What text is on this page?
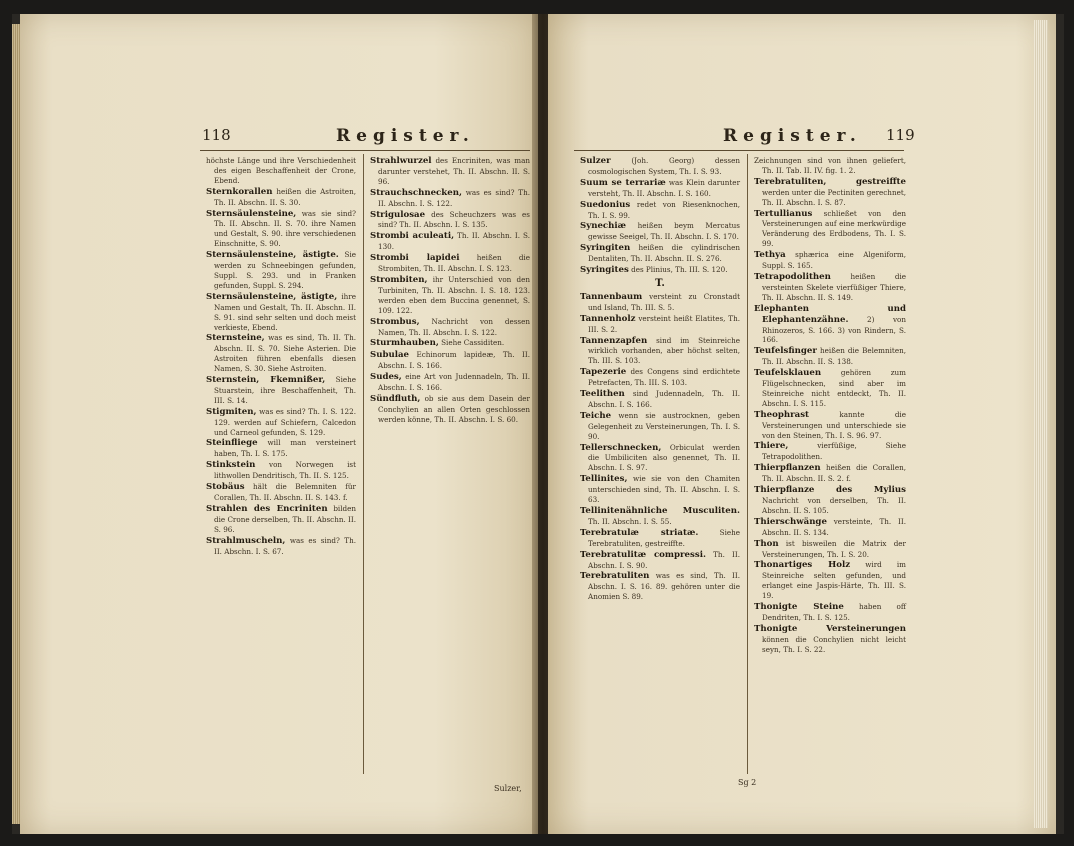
118	Register.

höchste Länge und ihre Verschiedenheit des eigen Beschaffenheit der Crone, Ebend.

Sternkorallen heißen die Astroiten, Th. II. Abschn. II. S. 30.

Sternsäulensteine, was sie sind? Th. II. Abschn. II. S. 70. ihre Namen und Gestalt, S. 90. ihre verschiedenen Einschnitte, S. 90.

Sternsäulensteine, ästigte. Sie werden zu Schneebingen gefunden, Suppl. S. 293. und in Franken gefunden, Suppl. S. 294.

Sternsäulensteine, ästigte, ihre Namen und Gestalt, Th. II. Abschn. II. S. 91. sind sehr selten und doch meist verkieste, Ebend.

Sternsteine, was es sind, Th. II. Th. Abschn. II. S. 70. Siehe Asterien. Die Astroiten führen ebenfalls diesen Namen, S. 30. Siehe Astroiten.

Sternstein, Fkemnißer, Siehe Stuarstein, ihre Beschaffenheit, Th. III. S. 14.

Stigmiten, was es sind? Th. I. S. 122. 129. werden auf Schiefern, Calcedon und Carneol gefunden, S. 129.

Steinfliege will man versteinert haben, Th. I. S. 175.

Stinkstein von Norwegen ist lithwollen Dendritisch, Th. II. S. 125.

Stobäus hält die Belemniten für Corallen, Th. II. Abschn. II. S. 143. f.

Strahlen des Encriniten bilden die Crone derselben, Th. II. Abschn. II. S. 96.

Strahlmuscheln, was es sind? Th. II. Abschn. I. S. 67.

Strahlwurzel des Encriniten, was man darunter verstehet, Th. II. Abschn. II. S. 96.

Strauchschnecken, was es sind? Th. II. Abschn. I. S. 122.

Strigulosae des Scheuchzers was es sind? Th. II. Abschn. I. S. 135.

Strombi aculeati, Th. II. Abschn. I. S. 130.

Strombi lapidei heißen die Strombiten, Th. II. Abschn. I. S. 123.

Strombiten, ihr Unterschied von den Turbiniten, Th. II. Abschn. I. S. 18. 123. werden eben dem Buccina genennet, S. 109. 122.

Strombus, Nachricht von dessen Namen, Th. II. Abschn. I. S. 122.

Sturmhauben, Siehe Cassiditen.

Subulae Echinorum lapideæ, Th. II. Abschn. I. S. 166.

Sudes, eine Art von Judennadeln, Th. II. Abschn. I. S. 166.

Sündfluth, ob sie aus dem Dasein der Conchylien an allen Orten geschlossen werden könne, Th. II. Abschn. I. S. 60.

Sulzer,
Register. 119

Sulzer	(Joh. Georg) dessen cosmologischen System, Th. I. S. 93.

Suum se terrariæ was Klein darunter versteht, Th. II. Abschn. I. S. 160.

Suedonius redet von Riesenknochen, Th. I. S. 99.

Synechiæ heißen beym Mercatus gewisse Seeigel, Th. II. Abschn. I. S. 170.

Syringiten heißen die cylindrischen Dentaliten, Th. II. Abschn. II. S. 276.

Syringites des Plinius, Th. III. S. 120.

T.

Tannenbaum versteint zu Cronstadt und Island, Th. III. S. 5.

Tannenholz versteint heißt Elatites, Th. III. S. 2.

Tannenzapfen sind im Steinreiche wirklich vorhanden, aber höchst selten, Th. III. S. 103.

Tapezerie des Congens sind erdichtete Petrefacten, Th. III. S. 103.

Teelithen sind Judennadeln, Th. II. Abschn. I. S. 166.

Teiche wenn sie austrocknen, geben Gelegenheit zu Versteinerungen, Th. I. S. 90.

Tellerschnecken, Orbiculat werden die Umbiliciten also genennet, Th. II. Abschn. I. S. 97.

Tellinites, wie sie von den Chamiten unterschieden sind, Th. II. Abschn. I. S. 63.

Tellinitenähnliche Musculiten. Th. II. Abschn. I. S. 55.

Terebratulæ striatæ.	Siehe Terebratuliten, gestreiffte.

Terebratulitæ compressi. Th. II. Abschn. I. S. 90.

Terebratuliten was es sind, Th. II. Abschn. I. S. 16. 89. gehören unter die Anomien S. 89.

Zeichnungen sind von ihnen geliefert, Th. II. Tab. II. IV. fig. 1. 2.

Terebratuliten, gestreiffte werden unter die Pectiniten gerechnet, Th. II. Abschn. I. S. 87.

Tertullianus schließet von den Versteinerungen auf eine merkwürdige Veränderung des Erdbodens, Th. I. S. 99.

Tethya sphærica eine Algeniform, Suppl. S. 165.

Tetrapodolithen	heißen die versteinten Skelete vierfüßiger Thiere, Th. II. Abschn. II. S. 149.

Elephanten und Elephantenzähne.	2) von Rhinozeros, S. 166. 3) von Rindern, S. 166.

Teufelsfinger heißen die Belemniten, Th. II. Abschn. II. S. 138.

Teufelsklauen	gehören zum Flügelschnecken, sind aber im Steinreiche nicht entdeckt, Th. II. Abschn. I. S. 115.

Theophrast	kannte die Versteinerungen und unterschiede sie von den Steinen, Th. I. S. 96. 97.

Thiere,	vierfüßige, Siehe Tetrapodolithen.

Thierpflanzen heißen die Corallen, Th. II. Abschn. II. S. 2. f.

Thierpflanze des Mylius Nachricht von derselben, Th. II. Abschn. II. S. 105.

Thierschwänge versteinte, Th. II. Abschn. II. S. 134.

Thon ist bisweilen die Matrix der Versteinerungen, Th. I. S. 20.

Thonartiges Holz wird im Steinreiche selten gefunden, und erlanget eine Jaspis-Härte, Th. III. S. 19.

Thonigte Steine haben off Dendriten, Th. I. S. 125.

Thonigte Versteinerungen können die Conchylien nicht leicht seyn, Th. I. S. 22.

Sg 2
